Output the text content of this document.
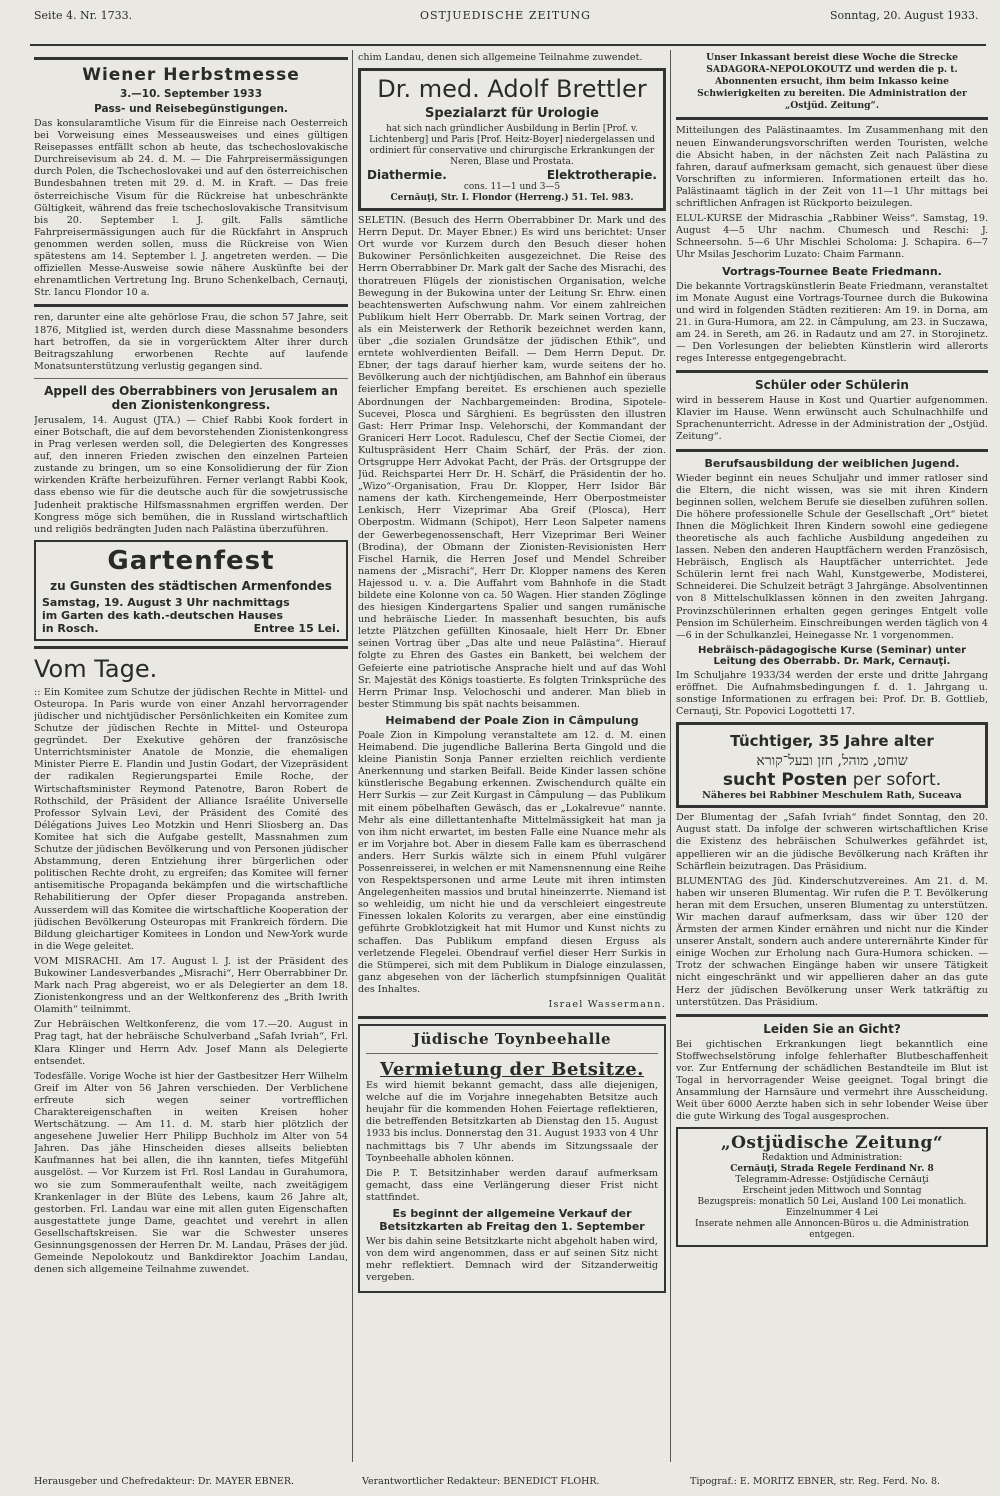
Seite 4. Nr. 1733.	OSTJUEDISCHE ZEITUNG	Sonntag, 20. August 1933.
Wiener Herbstmesse
3.—10. September 1933
Pass- und Reisebegünstigungen.

Das konsularamtliche Visum für die Einreise nach Oesterreich bei Vorweisung eines Messeausweises und eines gültigen Reisepasses entfällt schon ab heute, das tschechoslovakische Durchreisevisum ab 24. d. M. — Die Fahrpreisermässigungen durch Polen, die Tschechoslovakei und auf den österreichischen Bundesbahnen treten mit 29. d. M. in Kraft. — Das freie österreichische Visum für die Rückreise hat unbeschränkte Gültigkeit, während das freie tschechoslovakische Transitvisum bis 20. September l. J. gilt. Falls sämtliche Fahrpreisermässigungen auch für die Rückfahrt in Anspruch genommen werden sollen, muss die Rückreise von Wien spätestens am 14. September l. J. angetreten werden. — Die offiziellen Messe-Ausweise sowie nähere Auskünfte bei der ehrenamtlichen Vertretung Ing. Bruno Schenkelbach, Cernauţi, Str. Iancu Flondor 10 a.

ren, darunter eine alte gehörlose Frau, die schon 57 Jahre, seit 1876, Mitglied ist, werden durch diese Massnahme besonders hart betroffen, da sie in vorgerücktem Alter ihrer durch Beitragszahlung erworbenen Rechte auf laufende Monatsunterstützung verlustig gegangen sind.

Appell des Oberrabbiners von Jerusalem an den Zionistenkongress.

Jerusalem, 14. August (JTA.) — Chief Rabbi Kook fordert in einer Botschaft, die auf dem bevorstehenden Zionistenkongress in Prag verlesen werden soll, die Delegierten des Kongresses auf, den inneren Frieden zwischen den einzelnen Parteien zustande zu bringen, um so eine Konsolidierung der für Zion wirkenden Kräfte herbeizuführen. Ferner verlangt Rabbi Kook, dass ebenso wie für die deutsche auch für die sowjetrussische Judenheit praktische Hilfsmassnahmen ergriffen werden. Der Kongress möge sich bemühen, die in Russland wirtschaftlich und religiös bedrängten Juden nach Palästina überzuführen.

Gartenfest
zu Gunsten des städtischen Armenfondes
Samstag, 19. August 3 Uhr nachmittags
im Garten des kath.-deutschen Hauses
in Rosch.	Entree 15 Lei.
Vom Tage.

:: Ein Komitee zum Schutze der jüdischen Rechte in Mittel- und Osteuropa. In Paris wurde von einer Anzahl hervorragender jüdischer und nichtjüdischer Persönlichkeiten ein Komitee zum Schutze der jüdischen Rechte in Mittel- und Osteuropa gegründet. Der Exekutive gehören der französische Unterrichtsminister Anatole de Monzie, die ehemaligen Minister Pierre E. Flandin und Justin Godart, der Vizepräsident der radikalen Regierungspartei Emile Roche, der Wirtschaftsminister Reymond Patenotre, Baron Robert de Rothschild, der Präsident der Alliance Israélite Universelle Professor Sylvain Levi, der Präsident des Comité des Délégations Juives Leo Motzkin und Henri Sliosberg an. Das Komitee hat sich die Aufgabe gestellt, Massnahmen zum Schutze der jüdischen Bevölkerung und von Personen jüdischer Abstammung, deren Entziehung ihrer bürgerlichen oder politischen Rechte droht, zu ergreifen; das Komitee will ferner antisemitische Propaganda bekämpfen und die wirtschaftliche Rehabilitierung der Opfer dieser Propaganda anstreben. Ausserdem will das Komitee die wirtschaftliche Kooperation der jüdischen Bevölkerung Osteuropas mit Frankreich fördern. Die Bildung gleichartiger Komitees in London und New-York wurde in die Wege geleitet.

VOM MISRACHI. Am 17. August l. J. ist der Präsident des Bukowiner Landesverbandes „Misrachi“, Herr Oberrabbiner Dr. Mark nach Prag abgereist, wo er als Delegierter an dem 18. Zionistenkongress und an der Weltkonferenz des „Brith Iwrith Olamith“ teilnimmt.

Zur Hebräischen Weltkonferenz, die vom 17.—20. August in Prag tagt, hat der hebräische Schulverband „Safah Ivriah“, Frl. Klara Klinger und Herrn Adv. Josef Mann als Delegierte entsendet.

Todesfälle. Vorige Woche ist hier der Gastbesitzer Herr Wilhelm Greif im Alter von 56 Jahren verschieden. Der Verblichene erfreute sich wegen seiner vortrefflichen Charaktereigenschaften in weiten Kreisen hoher Wertschätzung. — Am 11. d. M. starb hier plötzlich der angesehene Juwelier Herr Philipp Buchholz im Alter von 54 Jahren. Das jähe Hinscheiden dieses allseits beliebten Kaufmannes hat bei allen, die ihn kannten, tiefes Mitgefühl ausgelöst. — Vor Kurzem ist Frl. Rosl Landau in Gurahumora, wo sie zum Sommeraufenthalt weilte, nach zweitägigem Krankenlager in der Blüte des Lebens, kaum 26 Jahre alt, gestorben. Frl. Landau war eine mit allen guten Eigenschaften ausgestattete junge Dame, geachtet und verehrt in allen Gesellschaftskreisen. Sie war die Schwester unseres Gesinnungsgenossen der Herren Dr. M. Landau, Präses der jüd. Gemeinde Nepolokoutz und Bankdirektor Joachim Landau, denen sich allgemeine Teilnahme zuwendet.

chim Landau, denen sich allgemeine Teilnahme zuwendet.

Dr. med. Adolf Brettler
Spezialarzt für Urologie
hat sich nach gründlicher Ausbildung in Berlin [Prof. v. Lichtenberg] und Paris [Prof. Heitz-Boyer] niedergelassen und ordiniert für conservative und chirurgische Erkrankungen der Neren, Blase und Prostata.
Diathermie.	Elektrotherapie.
cons. 11—1 und 3—5
Cernăuţi, Str. I. Flondor (Herreng.) 51. Tel. 983.

SELETIN. (Besuch des Herrn Oberrabbiner Dr. Mark und des Herrn Deput. Dr. Mayer Ebner.) Es wird uns berichtet: Unser Ort wurde vor Kurzem durch den Besuch dieser hohen Bukowiner Persönlichkeiten ausgezeichnet. Die Reise des Herrn Oberrabbiner Dr. Mark galt der Sache des Misrachi, des thoratreuen Flügels der zionistischen Organisation, welche Bewegung in der Bukowina unter der Leitung Sr. Ehrw. einen beachtenswerten Aufschwung nahm. Vor einem zahlreichen Publikum hielt Herr Oberrabb. Dr. Mark seinen Vortrag, der als ein Meisterwerk der Rethorik bezeichnet werden kann, über „die sozialen Grundsätze der jüdischen Ethik“, und erntete wohlverdienten Beifall. — Dem Herrn Deput. Dr. Ebner, der tags darauf hierher kam, wurde seitens der ho. Bevölkerung auch der nichtjüdischen, am Bahnhof ein überaus feierlicher Empfang bereitet. Es erschienen auch spezielle Abordnungen der Nachbargemeinden: Brodina, Sipotele-Sucevei, Ploscа und Sărghieni. Es begrüssten den illustren Gast: Herr Primar Insp. Velehorschi, der Kommandant der Graniceri Herr Locot. Radulescu, Chef der Sectie Ciomei, der Kultuspräsident Herr Chaim Schärf, der Präs. der zion. Ortsgruppe Herr Advokat Pacht, der Präs. der Ortsgruppe der Jüd. Reichspartei Herr Dr. H. Schärf, die Präsidentin der ho. „Wizo“-Organisation, Frau Dr. Klopper, Herr Isidor Bär namens der kath. Kirchengemeinde, Herr Oberpostmeister Lenkisch, Herr Vizeprimar Aba Greif (Plosca), Herr Oberpostm. Widmann (Schipot), Herr Leon Salpeter namens der Gewerbegenossenschaft, Herr Vizeprimar Beri Weiner (Brodina), der Obmann der Zionisten-Revisionisten Herr Fischel Harnik, die Herren Josef und Mendel Schreiber namens der „Misrachi“, Herr Dr. Klopper namens des Keren Hajessod u. v. a. Die Auffahrt vom Bahnhofe in die Stadt bildete eine Kolonne von ca. 50 Wagen. Hier standen Zöglinge des hiesigen Kindergartens Spalier und sangen rumänische und hebräische Lieder. In massenhaft besuchten, bis aufs letzte Plätzchen gefüllten Kinosaale, hielt Herr Dr. Ebner seinen Vortrag über „Das alte und neue Palästina“. Hierauf folgte zu Ehren des Gastes ein Bankett, bei welchem der Gefeierte eine patriotische Ansprache hielt und auf das Wohl Sr. Majestät des Königs toastierte. Es folgten Trinksprüche des Herrn Primar Insp. Velochoschi und anderer. Man blieb in bester Stimmung bis spät nachts beisammen.

Heimabend der Poale Zion in Câmpulung

Poale Zion in Kimpolung veranstaltete am 12. d. M. einen Heimabend. Die jugendliche Ballerina Berta Gingold und die kleine Pianistin Sonja Panner erzielten reichlich verdiente Anerkennung und starken Beifall. Beide Kinder lassen schöne künstlerische Begabung erkennen. Zwischendurch quälte ein Herr Surkis — zur Zeit Kurgast in Câmpulung — das Publikum mit einem pöbelhaften Gewäsch, das er „Lokalrevue“ nannte. Mehr als eine dillettantenhafte Mittelmässigkeit hat man ja von ihm nicht erwartet, im besten Falle eine Nuance mehr als er im Vorjahre bot. Aber in diesem Falle kam es überraschend anders. Herr Surkis wälzte sich in einem Pfuhl vulgärer Possenreisserei, in welchen er mit Namensnennung eine Reihe von Respektspersonen und arme Leute mit ihren intimsten Angelegenheiten massios und brutal hineinzerrte. Niemand ist so wehleidig, um nicht hie und da verschleiert eingestreute Finessen lokalen Kolorits zu verargen, aber eine einstündig geführte Grobklotzigkeit hat mit Humor und Kunst nichts zu schaffen. Das Publikum empfand diesen Erguss als verletzende Flegelei. Obendrauf verfiel dieser Herr Surkis in die Stümperei, sich mit dem Publikum in Dialoge einzulassen, ganz abgesehen von der lächerlich stumpfsinnigen Qualität des Inhaltes.

Israel Wassermann.

Jüdische Toynbeehalle
Vermietung der Betsitze.

Es wird hiemit bekannt gemacht, dass alle diejenigen, welche auf die im Vorjahre innegehabten Betsitze auch heujahr für die kommenden Hohen Feiertage reflektieren, die betreffenden Betsitzkarten ab Dienstag den 15. August 1933 bis inclus. Donnerstag den 31. August 1933 von 4 Uhr nachmittags bis 7 Uhr abends im Sitzungssaale der Toynbeehalle abholen können.

Die P. T. Betsitzinhaber werden darauf aufmerksam gemacht, dass eine Verlängerung dieser Frist nicht stattfindet.

Es beginnt der allgemeine Verkauf der Betsitzkarten ab Freitag den 1. September

Wer bis dahin seine Betsitzkarte nicht abgeholt haben wird, von dem wird angenommen, dass er auf seinen Sitz nicht mehr reflektiert. Demnach wird der Sitzanderweitig vergeben.

Unser Inkassant bereist diese Woche die Strecke SADAGORA-NEPOLOKOUTZ und werden die p. t. Abonnenten ersucht, ihm beim Inkasso keine Schwierigkeiten zu bereiten. Die Administration der „Ostjüd. Zeitung“.

Mitteilungen des Palästinaamtes. Im Zusammenhang mit den neuen Einwanderungsvorschriften werden Touristen, welche die Absicht haben, in der nächsten Zeit nach Palästina zu fahren, darauf aufmerksam gemacht, sich genauest über diese Vorschriften zu informieren. Informationen erteilt das ho. Palästinaamt täglich in der Zeit von 11—1 Uhr mittags bei schriftlichen Anfragen ist Rückporto beizulegen.

ELUL-KURSE der Midraschia „Rabbiner Weiss“. Samstag, 19. August 4—5 Uhr nachm. Chumesch und Reschi: J. Schneersohn. 5—6 Uhr Mischlei Scholoma: J. Schapira. 6—7 Uhr Msilas Jeschorim Luzato: Chaim Farmann.

Vortrags-Tournee Beate Friedmann.

Die bekannte Vortragskünstlerin Beate Friedmann, veranstaltet im Monate August eine Vortrags-Tournee durch die Bukowina und wird in folgenden Städten rezitieren: Am 19. in Dorna, am 21. in Gura-Humora, am 22. in Câmpulung, am 23. in Suczawa, am 24. in Sereth, am 26. in Radautz und am 27. in Storojinetz. — Den Vorlesungen der beliebten Künstlerin wird allerorts reges Interesse entgegengebracht.

Schüler oder Schülerin

wird in besserem Hause in Kost und Quartier aufgenommen. Klavier im Hause. Wenn erwünscht auch Schulnachhilfe und Sprachenunterricht. Adresse in der Administration der „Ostjüd. Zeitung“.

Berufsausbildung der weiblichen Jugend.

Wieder beginnt ein neues Schuljahr und immer ratloser sind die Eltern, die nicht wissen, was sie mit ihren Kindern beginnen sollen, welchem Berufe sie dieselben zuführen sollen. Die höhere professionelle Schule der Gesellschaft „Ort“ bietet Ihnen die Möglichkeit Ihren Kindern sowohl eine gediegene theoretische als auch fachliche Ausbildung angedeihen zu lassen. Neben den anderen Hauptfächern werden Französisch, Hebräisch, Englisch als Hauptfächer unterrichtet. Jede Schülerin lernt frei nach Wahl, Kunstgewerbe, Modisterei, Schneiderei. Die Schulzeit beträgt 3 Jahrgänge. Absolventinnen von 8 Mittelschulklassen können in den zweiten Jahrgang. Provinzschülerinnen erhalten gegen geringes Entgelt volle Pension im Schülerheim. Einschreibungen werden täglich von 4—6 in der Schulkanzlei, Heinegasse Nr. 1 vorgenommen.

Hebräisch-pädagogische Kurse (Seminar) unter Leitung des Oberrabb. Dr. Mark, Cernauţi.

Im Schuljahre 1933/34 werden der erste und dritte Jahrgang eröffnet. Die Aufnahmsbedingungen f. d. 1. Jahrgang u. sonstige Informationen zu erfragen bei: Prof. Dr. B. Gottlieb, Cernauţi, Str. Popovici Logottetti 17.

Tüchtiger, 35 Jahre alter
שוחט, מוהל, חזן ובעל־קורא
sucht Posten per sofort.
Näheres bei Rabbiner Meschulem Rath, Suceava

Der Blumentag der „Safah Ivriah“ findet Sonntag, den 20. August statt. Da infolge der schweren wirtschaftlichen Krise die Existenz des hebräischen Schulwerkes gefährdet ist, appellieren wir an die jüdische Bevölkerung nach Kräften ihr Schärflein beizutragen. Das Präsidium.

BLUMENTAG des Jüd. Kinderschutzvereines. Am 21. d. M. haben wir unseren Blumentag. Wir rufen die P. T. Bevölkerung heran mit dem Ersuchen, unseren Blumentag zu unterstützen. Wir machen darauf aufmerksam, dass wir über 120 der Ärmsten der armen Kinder ernähren und nicht nur die Kinder unserer Anstalt, sondern auch andere unterernährte Kinder für einige Wochen zur Erholung nach Gura-Humora schicken. — Trotz der schwachen Eingänge haben wir unsere Tätigkeit nicht eingeschränkt und wir appellieren daher an das gute Herz der jüdischen Bevölkerung unser Werk tatkräftig zu unterstützen. Das Präsidium.

Leiden Sie an Gicht?

Bei gichtischen Erkrankungen liegt bekanntlich eine Stoffwechselstörung infolge fehlerhafter Blutbeschaffenheit vor. Zur Entfernung der schädlichen Bestandteile im Blut ist Togal in hervorragender Weise geeignet. Togal bringt die Ansammlung der Harnsäure und vermehrt ihre Ausscheidung. Weit über 6000 Aerzte haben sich in sehr lobender Weise über die gute Wirkung des Togal ausgesprochen.

„Ostjüdische Zeitung“
Redaktion und Administration:
Cernăuţi, Strada Regele Ferdinand Nr. 8
Telegramm-Adresse: Ostjüdische Cernăuţi
Erscheint jeden Mittwoch und Sonntag
Bezugspreis: monatlich 50 Lei, Ausland 100 Lei monatlich. Einzelnummer 4 Lei
Inserate nehmen alle Annoncen-Büros u. die Administration entgegen.
Herausgeber und Chefredakteur: Dr. MAYER EBNER.	Verantwortlicher Redakteur: BENEDICT FLOHR.	Tipograf.: E. MORITZ EBNER, str. Reg. Ferd. No. 8.
